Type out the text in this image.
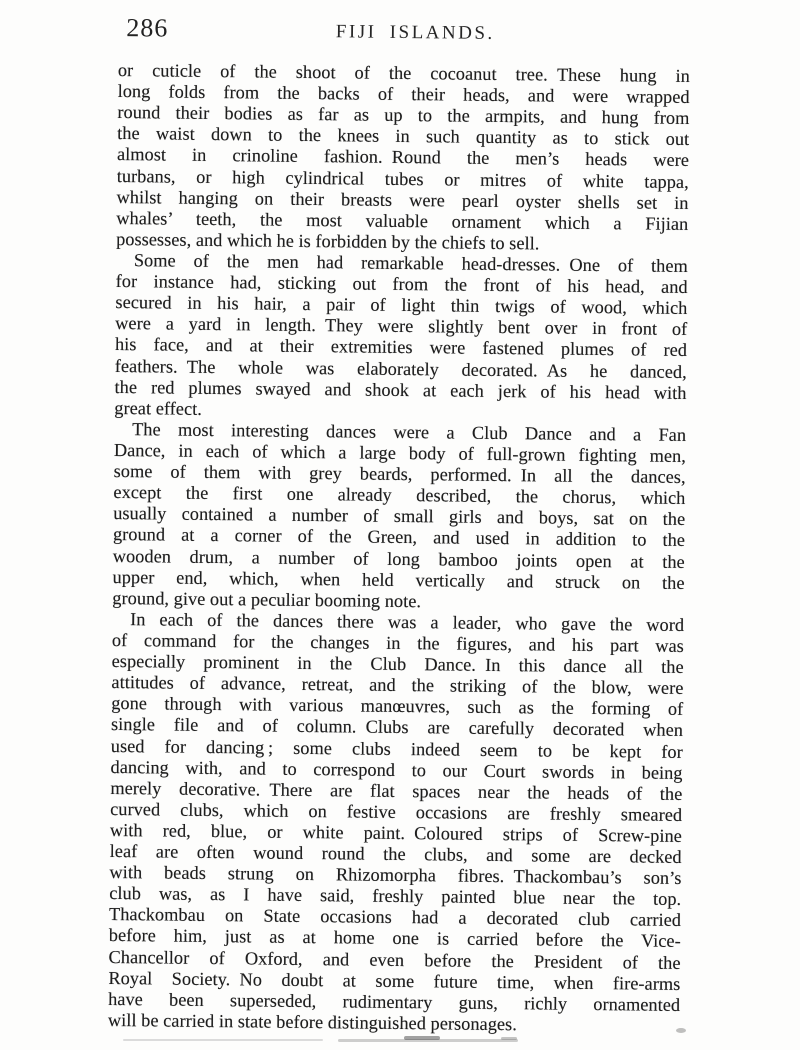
286	FIJI ISLANDS.
or cuticle of the shoot of the cocoanut tree. These hung in
long folds from the backs of their heads, and were wrapped
round their bodies as far as up to the armpits, and hung from
the waist down to the knees in such quantity as to stick out
almost in crinoline fashion. Round the men’s heads were
turbans, or high cylindrical tubes or mitres of white tappa,
whilst hanging on their breasts were pearl oyster shells set in
whales’ teeth, the most valuable ornament which a Fijian
possesses, and which he is forbidden by the chiefs to sell.
Some of the men had remarkable head-dresses. One of them
for instance had, sticking out from the front of his head, and
secured in his hair, a pair of light thin twigs of wood, which
were a yard in length. They were slightly bent over in front of
his face, and at their extremities were fastened plumes of red
feathers. The whole was elaborately decorated. As he danced,
the red plumes swayed and shook at each jerk of his head with
great effect.
The most interesting dances were a Club Dance and a Fan
Dance, in each of which a large body of full-grown fighting men,
some of them with grey beards, performed. In all the dances,
except the first one already described, the chorus, which
usually contained a number of small girls and boys, sat on the
ground at a corner of the Green, and used in addition to the
wooden drum, a number of long bamboo joints open at the
upper end, which, when held vertically and struck on the
ground, give out a peculiar booming note.
In each of the dances there was a leader, who gave the word
of command for the changes in the figures, and his part was
especially prominent in the Club Dance. In this dance all the
attitudes of advance, retreat, and the striking of the blow, were
gone through with various manœuvres, such as the forming of
single file and of column. Clubs are carefully decorated when
used for dancing ; some clubs indeed seem to be kept for
dancing with, and to correspond to our Court swords in being
merely decorative. There are flat spaces near the heads of the
curved clubs, which on festive occasions are freshly smeared
with red, blue, or white paint. Coloured strips of Screw-pine
leaf are often wound round the clubs, and some are decked
with beads strung on Rhizomorpha fibres. Thackombau’s son’s
club was, as I have said, freshly painted blue near the top.
Thackombau on State occasions had a decorated club carried
before him, just as at home one is carried before the Vice-
Chancellor of Oxford, and even before the President of the
Royal Society. No doubt at some future time, when fire-arms
have been superseded, rudimentary guns, richly ornamented
will be carried in state before distinguished personages.
